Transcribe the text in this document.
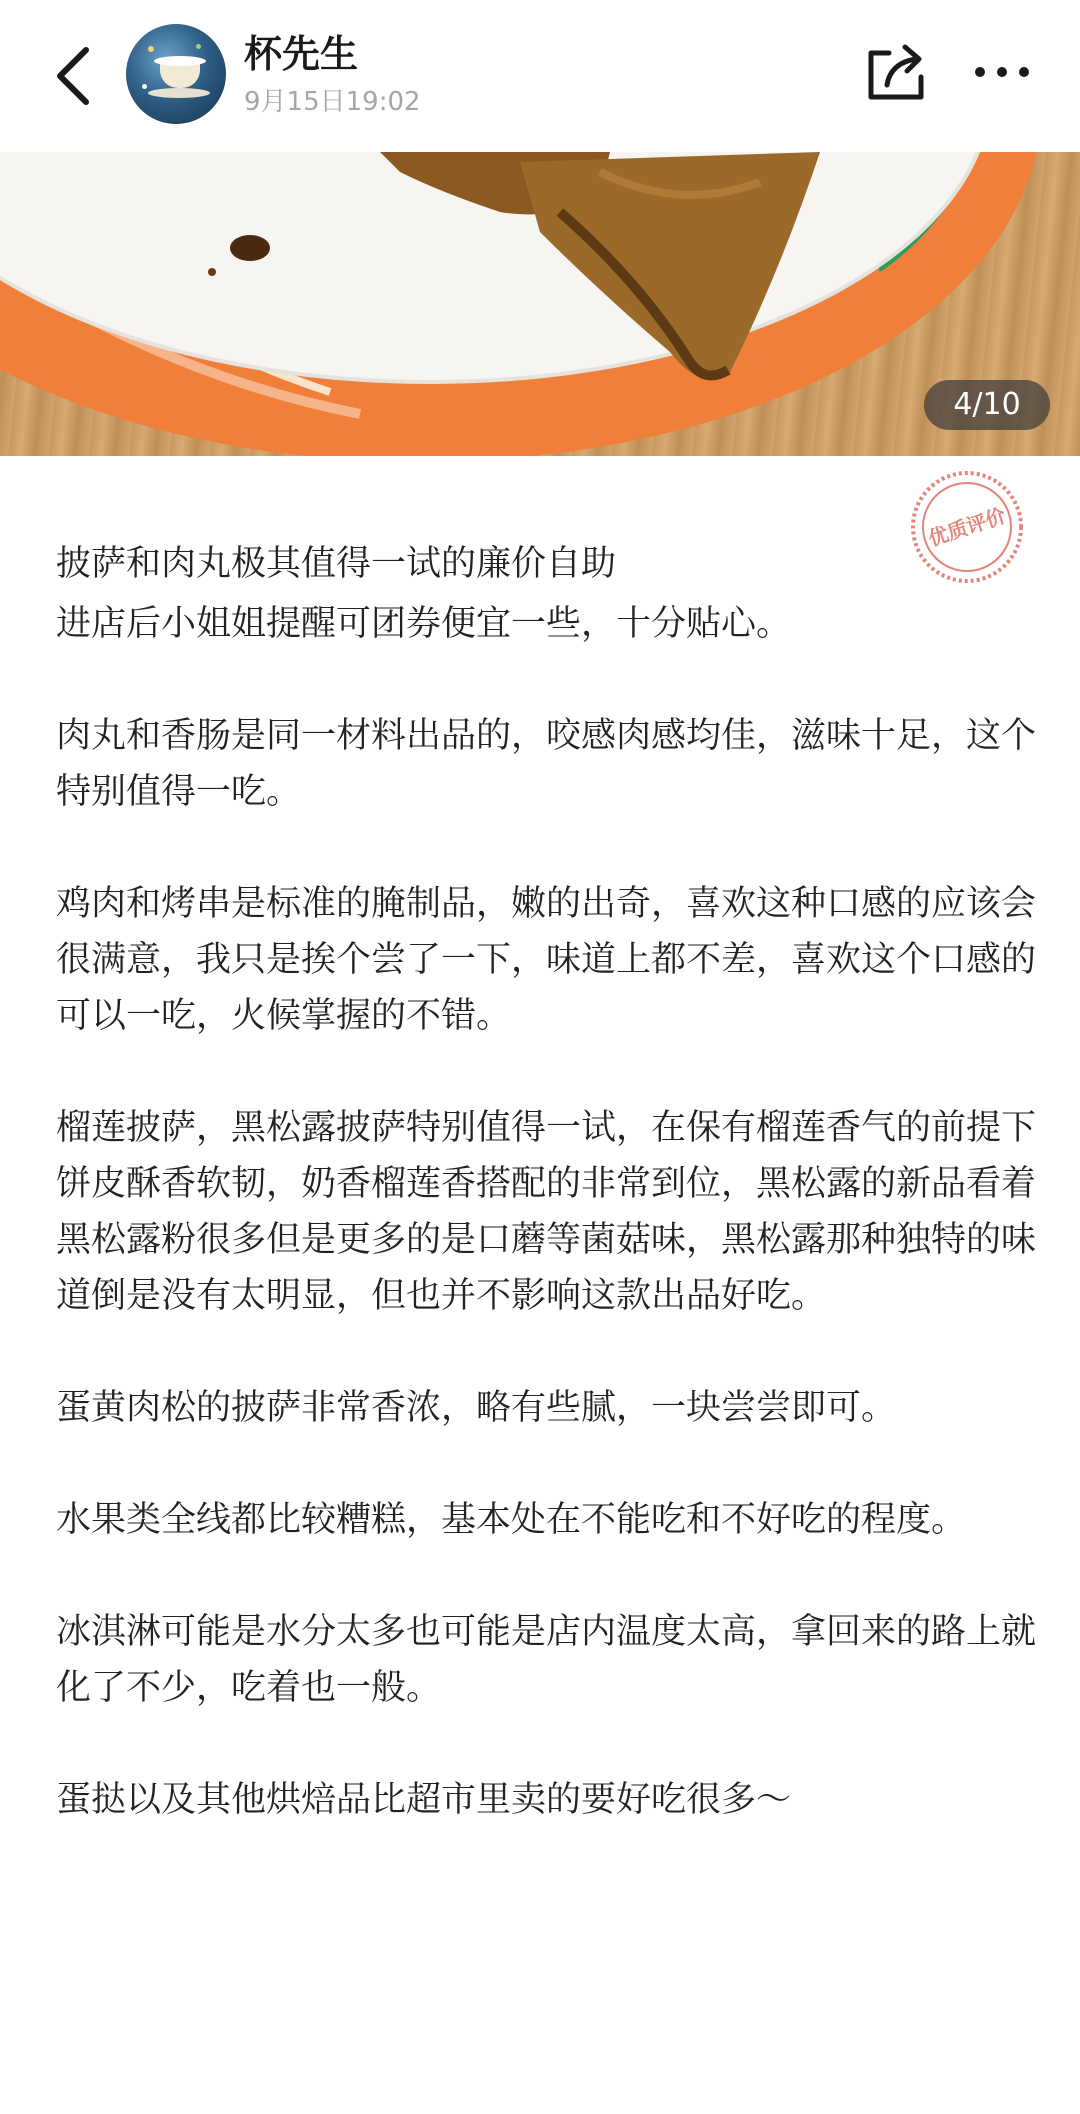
杯先生
9月15日19:02
4/10
优质评价

披萨和肉丸极其值得一试的廉价自助

进店后小姐姐提醒可团券便宜一些，十分贴心。

肉丸和香肠是同一材料出品的，咬感肉感均佳，滋味十足，这个特别值得一吃。

鸡肉和烤串是标准的腌制品，嫩的出奇，喜欢这种口感的应该会很满意，我只是挨个尝了一下，味道上都不差，喜欢这个口感的可以一吃，火候掌握的不错。

榴莲披萨，黑松露披萨特别值得一试，在保有榴莲香气的前提下饼皮酥香软韧，奶香榴莲香搭配的非常到位，黑松露的新品看着黑松露粉很多但是更多的是口蘑等菌菇味，黑松露那种独特的味道倒是没有太明显，但也并不影响这款出品好吃。

蛋黄肉松的披萨非常香浓，略有些腻，一块尝尝即可。

水果类全线都比较糟糕，基本处在不能吃和不好吃的程度。

冰淇淋可能是水分太多也可能是店内温度太高，拿回来的路上就化了不少，吃着也一般。

蛋挞以及其他烘焙品比超市里卖的要好吃很多～
